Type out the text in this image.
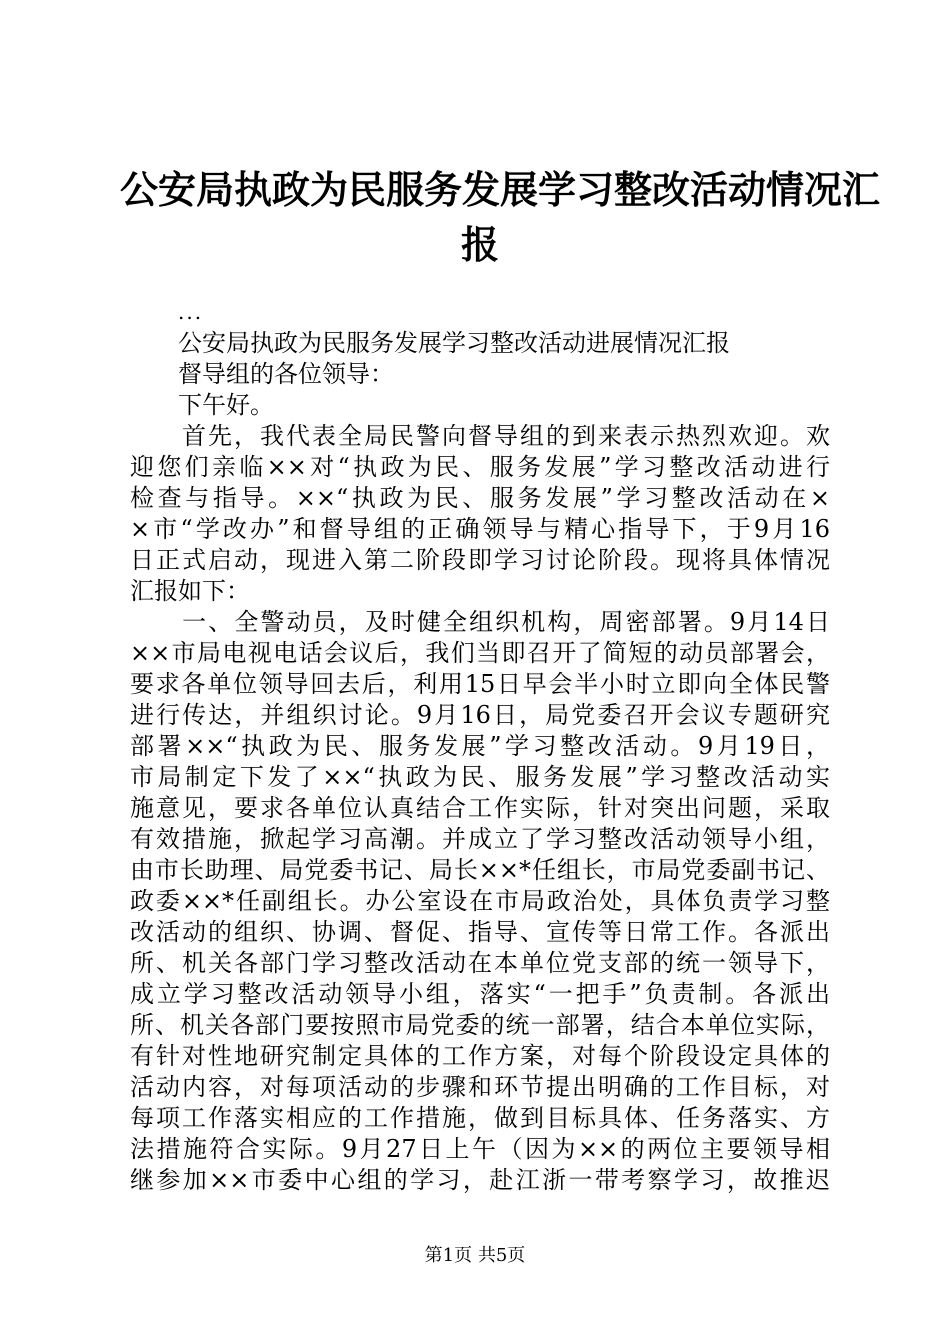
公安局执政为民服务发展学习整改活动情况汇
报
...
　　公安局执政为民服务发展学习整改活动进展情况汇报
　　督导组的各位领导：
　　下午好。
　　首先，我代表全局民警向督导组的到来表示热烈欢迎。欢
迎您们亲临××对“执政为民、服务发展”学习整改活动进行
检查与指导。××“执政为民、服务发展”学习整改活动在×
×市“学改办”和督导组的正确领导与精心指导下，于9月16
日正式启动，现进入第二阶段即学习讨论阶段。现将具体情况
汇报如下：
　　一、全警动员，及时健全组织机构，周密部署。9月14日
××市局电视电话会议后，我们当即召开了简短的动员部署会，
要求各单位领导回去后，利用15日早会半小时立即向全体民警
进行传达，并组织讨论。9月16日，局党委召开会议专题研究
部署××“执政为民、服务发展”学习整改活动。9月19日，
市局制定下发了××“执政为民、服务发展”学习整改活动实
施意见，要求各单位认真结合工作实际，针对突出问题，采取
有效措施，掀起学习高潮。并成立了学习整改活动领导小组，
由市长助理、局党委书记、局长××*任组长，市局党委副书记、
政委××*任副组长。办公室设在市局政治处，具体负责学习整
改活动的组织、协调、督促、指导、宣传等日常工作。各派出
所、机关各部门学习整改活动在本单位党支部的统一领导下，
成立学习整改活动领导小组，落实“一把手”负责制。各派出
所、机关各部门要按照市局党委的统一部署，结合本单位实际，
有针对性地研究制定具体的工作方案，对每个阶段设定具体的
活动内容，对每项活动的步骤和环节提出明确的工作目标，对
每项工作落实相应的工作措施，做到目标具体、任务落实、方
法措施符合实际。9月27日上午（因为××的两位主要领导相
继参加××市委中心组的学习，赴江浙一带考察学习，故推迟
第1页 共5页
